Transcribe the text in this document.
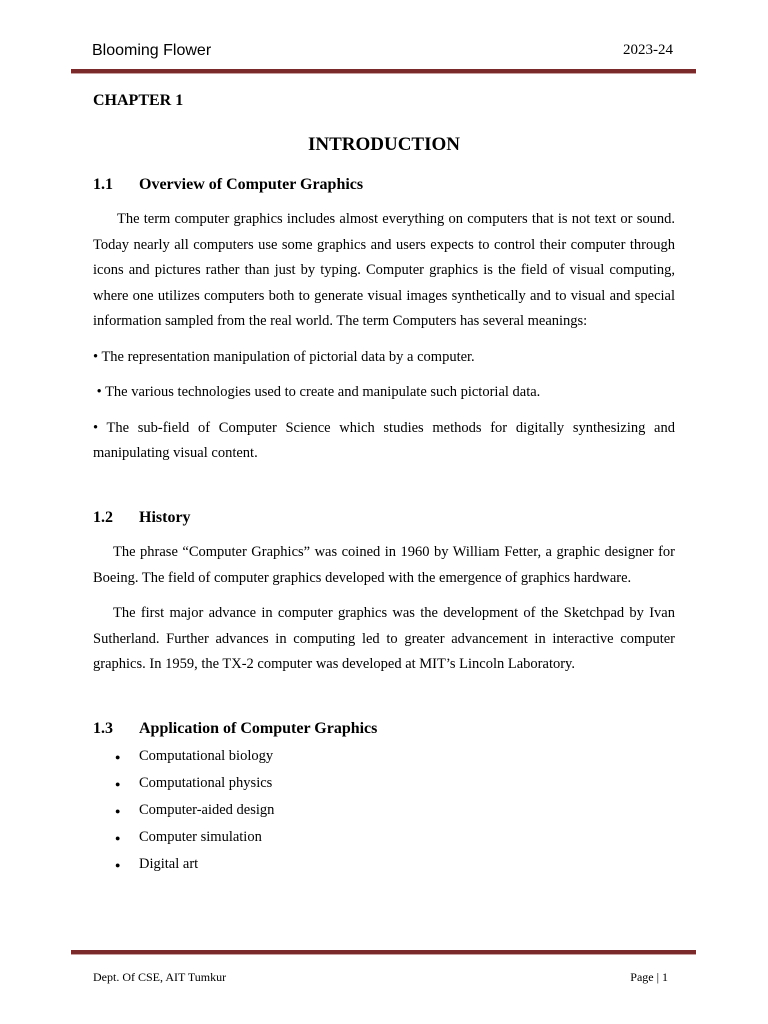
Blooming Flower	2023-24
CHAPTER 1
INTRODUCTION
1.1	Overview of Computer Graphics

The term computer graphics includes almost everything on computers that is not text or sound. Today nearly all computers use some graphics and users expects to control their computer through icons and pictures rather than just by typing. Computer graphics is the field of visual computing, where one utilizes computers both to generate visual images synthetically and to visual and special information sampled from the real world. The term Computers has several meanings:

• The representation manipulation of pictorial data by a computer.

• The various technologies used to create and manipulate such pictorial data.

• The sub-field of Computer Science which studies methods for digitally synthesizing and manipulating visual content.

1.2	History

The phrase “Computer Graphics” was coined in 1960 by William Fetter, a graphic designer for Boeing. The field of computer graphics developed with the emergence of graphics hardware.

The first major advance in computer graphics was the development of the Sketchpad by Ivan Sutherland. Further advances in computing led to greater advancement in interactive computer graphics. In 1959, the TX-2 computer was developed at MIT’s Lincoln Laboratory.

1.3	Application of Computer Graphics
●	Computational biology
●	Computational physics
●	Computer-aided design
●	Computer simulation
●	Digital art
Dept. Of CSE, AIT Tumkur	Page | 1
